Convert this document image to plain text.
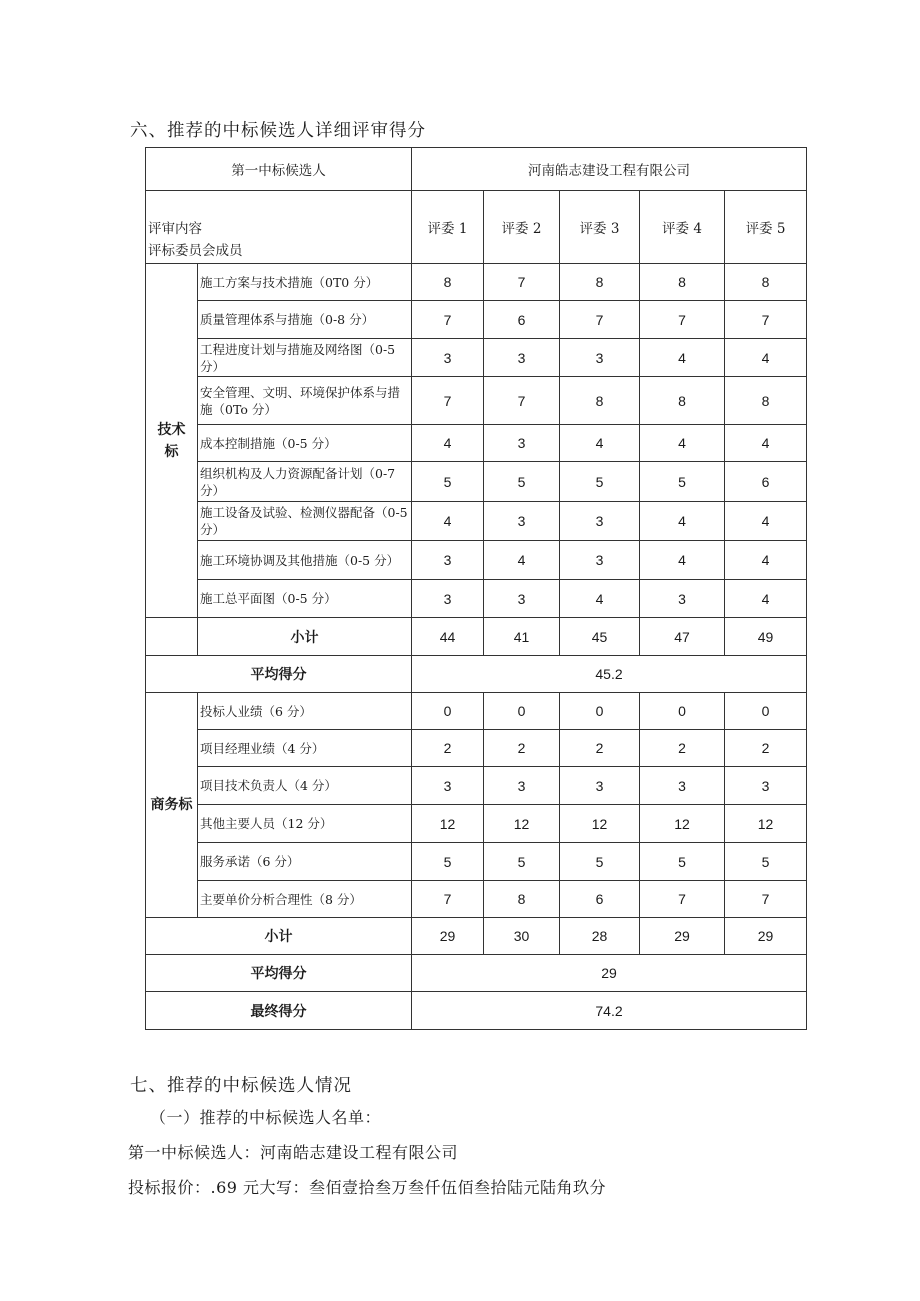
六、推荐的中标候选人详细评审得分
第一中标候选人		河南皓志建设工程有限公司				

评审内容
评标委员会成员		评委 1	评委 2	评委 3	评委 4	评委 5
技术标	施工方案与技术措施（0T0 分）	8	7	8	8	8
	质量管理体系与措施（0-8 分）	7	6	7	7	7
	工程进度计划与措施及网络图（0-5 分）	3	3	3	4	4
	安全管理、文明、环境保护体系与措施（0To 分）	7	7	8	8	8
	成本控制措施（0-5 分）	4	3	4	4	4
	组织机构及人力资源配备计划（0-7 分）	5	5	5	5	6
	施工设备及试验、检测仪器配备（0-5 分）	4	3	3	4	4
	施工环境协调及其他措施（0-5 分）	3	4	3	4	4
	施工总平面图（0-5 分）	3	3	4	3	4
	小计	44	41	45	47	49
平均得分		45.2				
商务标	投标人业绩（6 分）	0	0	0	0	0
	项目经理业绩（4 分）	2	2	2	2	2
	项目技术负责人（4 分）	3	3	3	3	3
	其他主要人员（12 分）	12	12	12	12	12
	服务承诺（6 分）	5	5	5	5	5
	主要单价分析合理性（8 分）	7	8	6	7	7
小计		29	30	28	29	29
平均得分		29				
最终得分		74.2				
七、推荐的中标候选人情况
（一）推荐的中标候选人名单：
第一中标候选人：河南皓志建设工程有限公司
投标报价：.69 元大写：叁佰壹拾叁万叁仟伍佰叁拾陆元陆角玖分
